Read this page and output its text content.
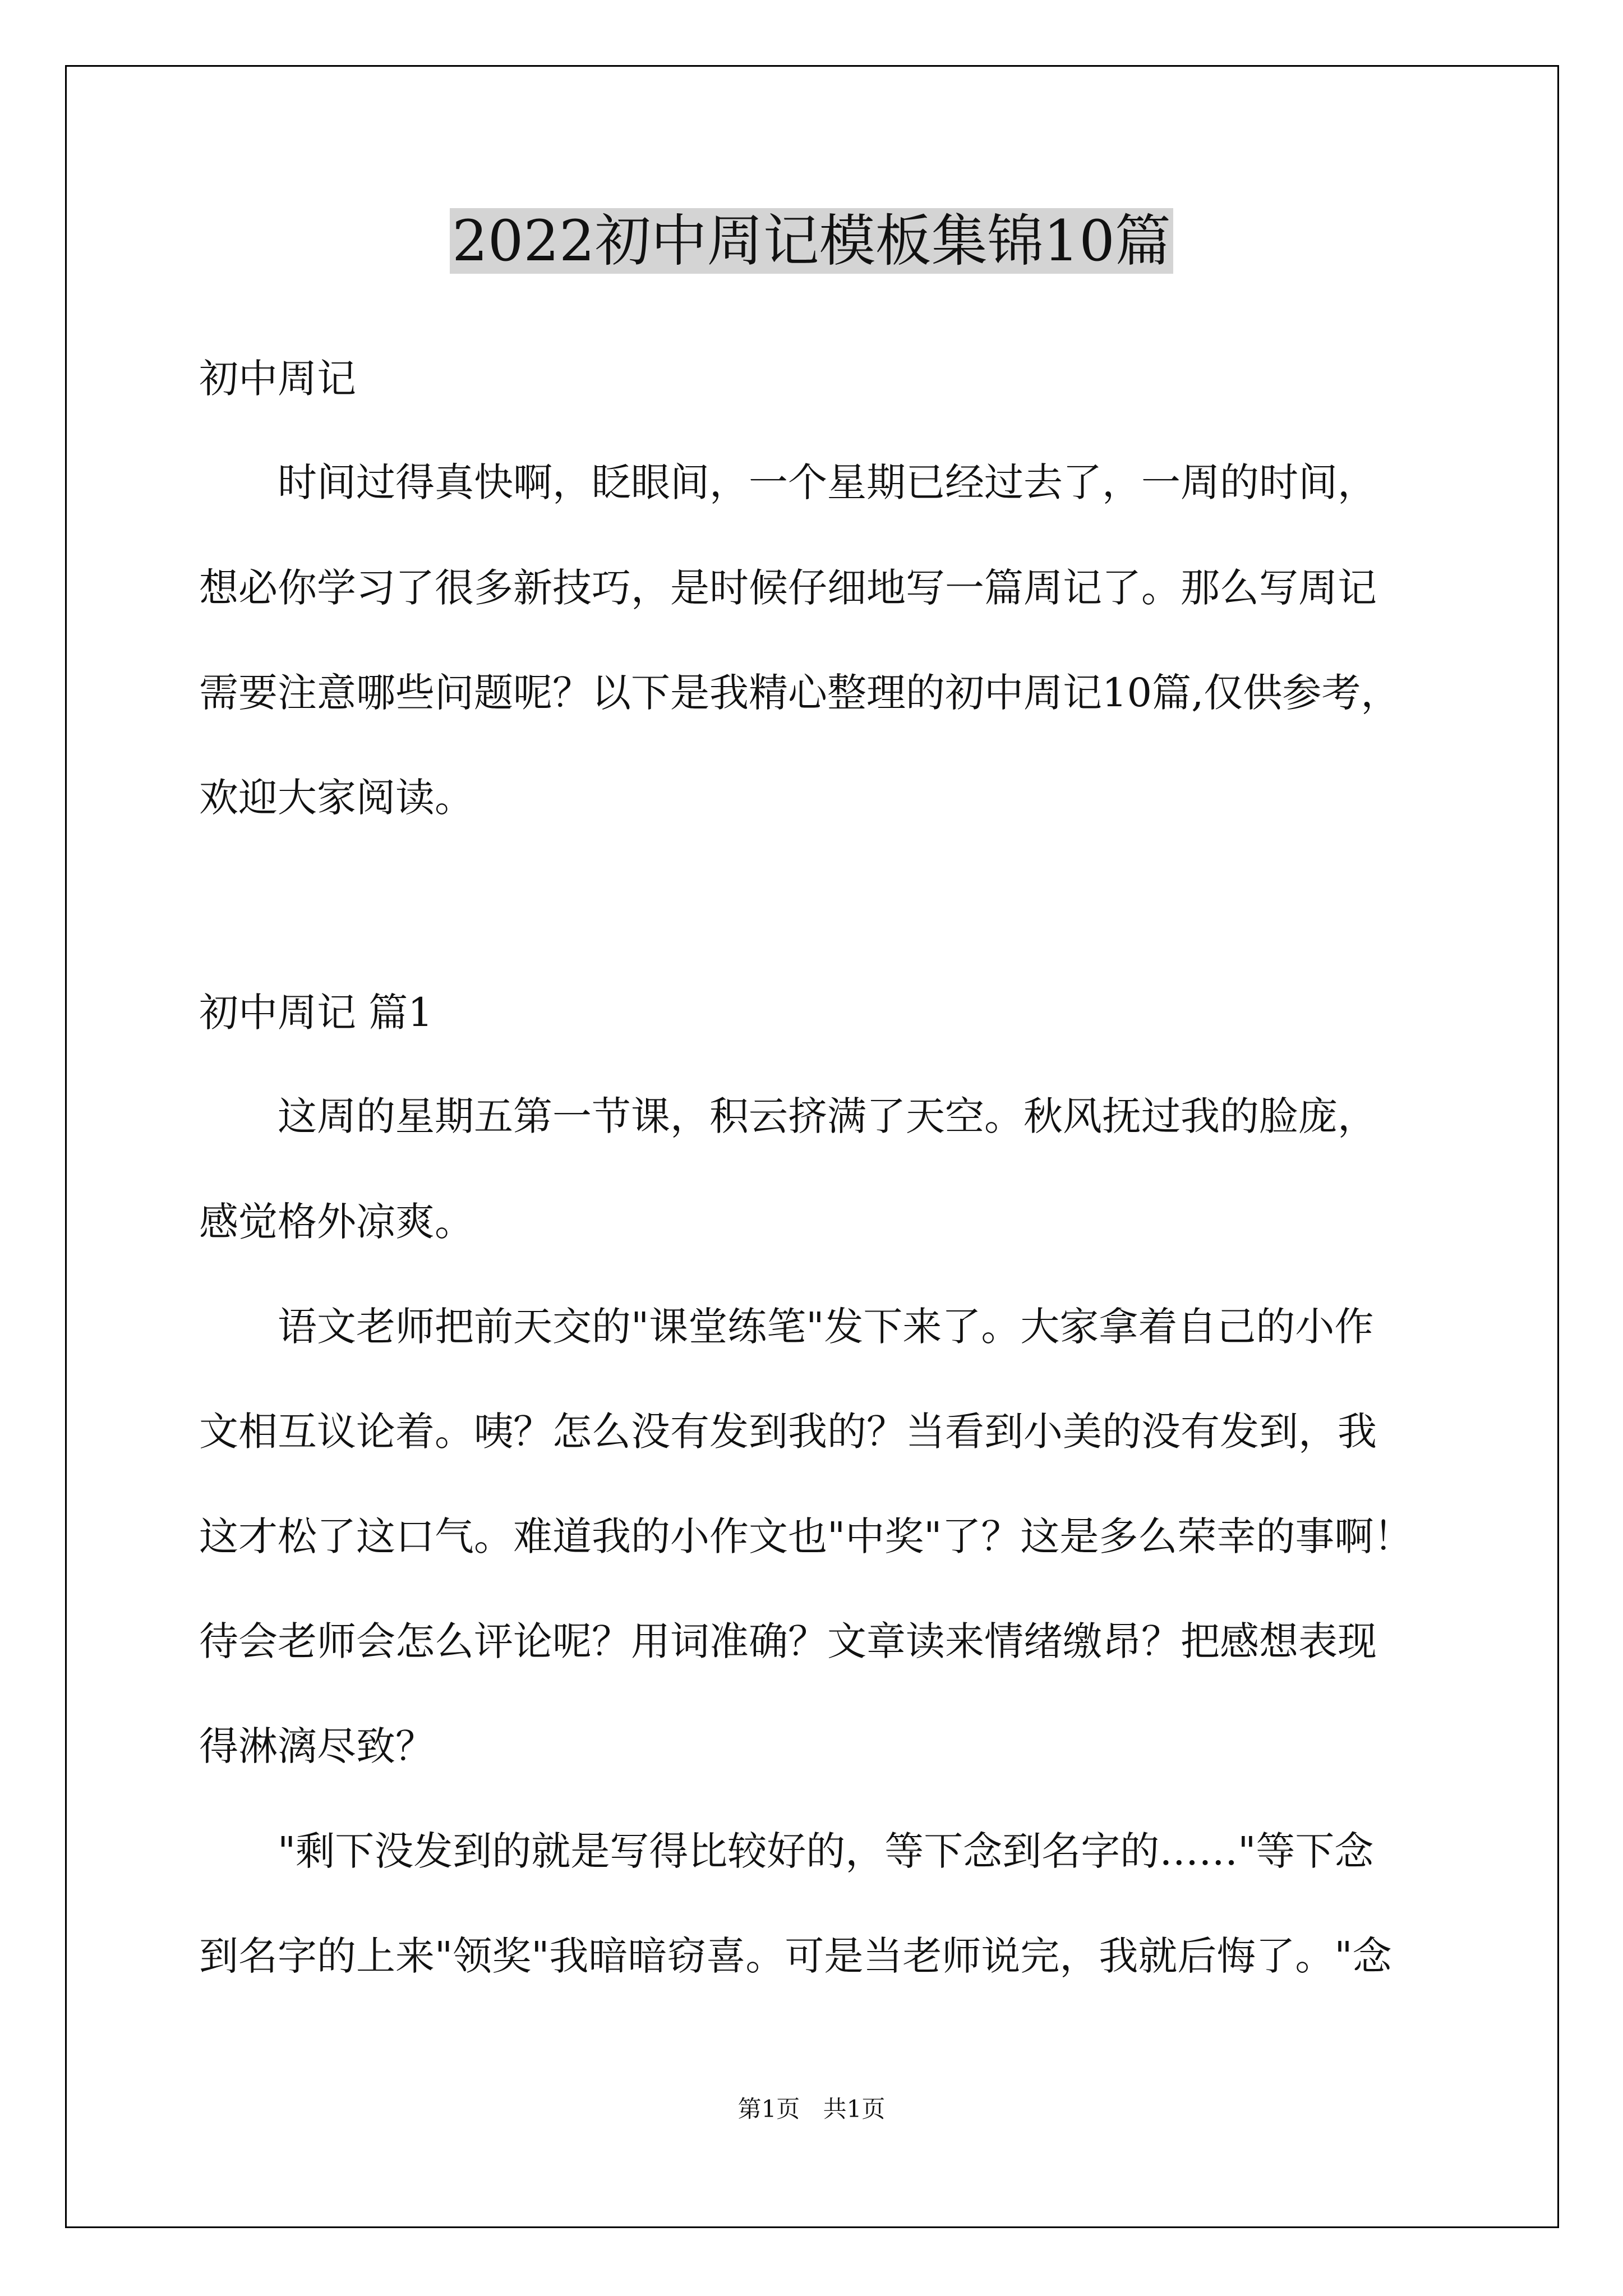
2022初中周记模板集锦10篇

初中周记

时间过得真快啊，眨眼间，一个星期已经过去了，一周的时间，

想必你学习了很多新技巧，是时候仔细地写一篇周记了。那么写周记

需要注意哪些问题呢？以下是我精心整理的初中周记10篇,仅供参考，

欢迎大家阅读。

初中周记 篇1

这周的星期五第一节课，积云挤满了天空。秋风抚过我的脸庞，

感觉格外凉爽。

语文老师把前天交的"课堂练笔"发下来了。大家拿着自己的小作

文相互议论着。咦？怎么没有发到我的？当看到小美的没有发到，我

这才松了这口气。难道我的小作文也"中奖"了？这是多么荣幸的事啊！

待会老师会怎么评论呢？用词准确？文章读来情绪缴昂？把感想表现

得淋漓尽致？

"剩下没发到的就是写得比较好的，等下念到名字的……"等下念

到名字的上来"领奖"我暗暗窃喜。可是当老师说完，我就后悔了。"念

第1页 共1页
